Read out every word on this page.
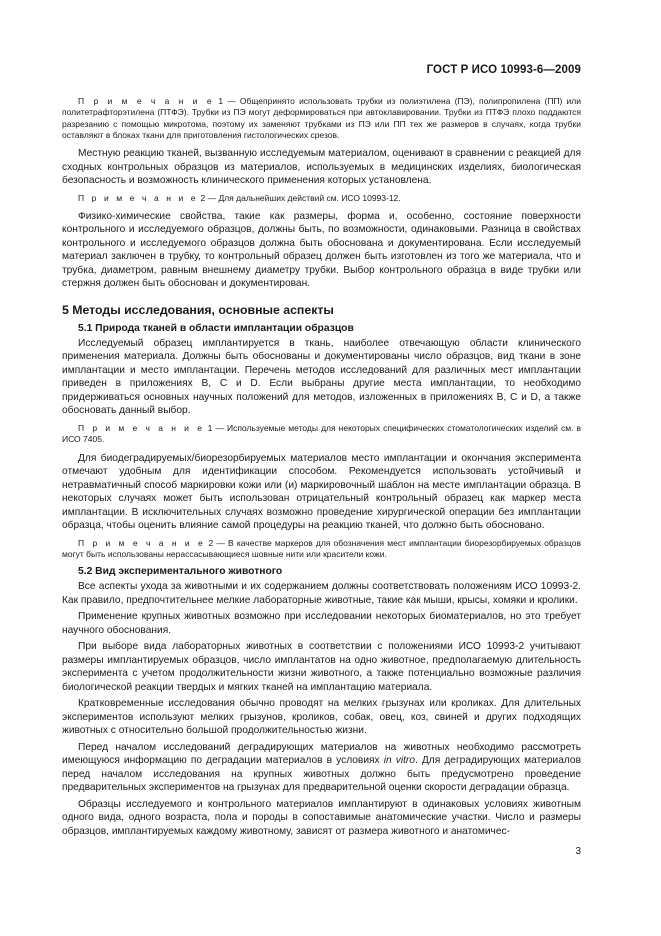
ГОСТ Р ИСО 10993-6—2009

П р и м е ч а н и е 1 — Общепринято использовать трубки из полиэтилена (ПЭ), полипропилена (ПП) или политетрафторэтилена (ПТФЭ). Трубки из ПЭ могут деформироваться при автоклавировании. Трубки из ПТФЭ плохо поддаются разрезанию с помощью микротома, поэтому их заменяют трубками из ПЭ или ПП тех же размеров в случаях, когда трубки оставляют в блоках ткани для приготовления гистологических срезов.

Местную реакцию тканей, вызванную исследуемым материалом, оценивают в сравнении с реакцией для сходных контрольных образцов из материалов, используемых в медицинских изделиях, биологическая безопасность и возможность клинического применения которых установлена.

П р и м е ч а н и е 2 — Для дальнейших действий см. ИСО 10993-12.

Физико-химические свойства, такие как размеры, форма и, особенно, состояние поверхности контрольного и исследуемого образцов, должны быть, по возможности, одинаковыми. Разница в свойствах контрольного и исследуемого образцов должна быть обоснована и документирована. Если исследуемый материал заключен в трубку, то контрольный образец должен быть изготовлен из того же материала, что и трубка, диаметром, равным внешнему диаметру трубки. Выбор контрольного образца в виде трубки или стержня должен быть обоснован и документирован.

5 Методы исследования, основные аспекты

5.1 Природа тканей в области имплантации образцов

Исследуемый образец имплантируется в ткань, наиболее отвечающую области клинического применения материала. Должны быть обоснованы и документированы число образцов, вид ткани в зоне имплантации и место имплантации. Перечень методов исследований для различных мест имплантации приведен в приложениях B, C и D. Если выбраны другие места имплантации, то необходимо придерживаться основных научных положений для методов, изложенных в приложениях B, C и D, а также обосновать данный выбор.

П р и м е ч а н и е 1 — Используемые методы для некоторых специфических стоматологических изделий см. в ИСО 7405.

Для биодеградируемых/биорезорбируемых материалов место имплантации и окончания эксперимента отмечают удобным для идентификации способом. Рекомендуется использовать устойчивый и нетравматичный способ маркировки кожи или (и) маркировочный шаблон на месте имплантации образца. В некоторых случаях может быть использован отрицательный контрольный образец как маркер места имплантации. В исключительных случаях возможно проведение хирургической операции без имплантации образца, чтобы оценить влияние самой процедуры на реакцию тканей, что должно быть обосновано.

П р и м е ч а н и е 2 — В качестве маркеров для обозначения мест имплантации биорезорбируемых образцов могут быть использованы нерассасывающиеся шовные нити или красители кожи.

5.2 Вид экспериментального животного

Все аспекты ухода за животными и их содержанием должны соответствовать положениям ИСО 10993-2. Как правило, предпочтительнее мелкие лабораторные животные, такие как мыши, крысы, хомяки и кролики.

Применение крупных животных возможно при исследовании некоторых биоматериалов, но это требует научного обоснования.

При выборе вида лабораторных животных в соответствии с положениями ИСО 10993-2 учитывают размеры имплантируемых образцов, число имплантатов на одно животное, предполагаемую длительность эксперимента с учетом продолжительности жизни животного, а также потенциально возможные различия биологической реакции твердых и мягких тканей на имплантацию материала.

Кратковременные исследования обычно проводят на мелких грызунах или кроликах. Для длительных экспериментов используют мелких грызунов, кроликов, собак, овец, коз, свиней и других подходящих животных с относительно большой продолжительностью жизни.

Перед началом исследований деградирующих материалов на животных необходимо рассмотреть имеющуюся информацию по деградации материалов в условиях in vitro. Для деградирующих материалов перед началом исследования на крупных животных должно быть предусмотрено проведение предварительных экспериментов на грызунах для предварительной оценки скорости деградации образца.

Образцы исследуемого и контрольного материалов имплантируют в одинаковых условиях животным одного вида, одного возраста, пола и породы в сопоставимые анатомические участки. Число и размеры образцов, имплантируемых каждому животному, зависят от размера животного и анатомичес-

3
